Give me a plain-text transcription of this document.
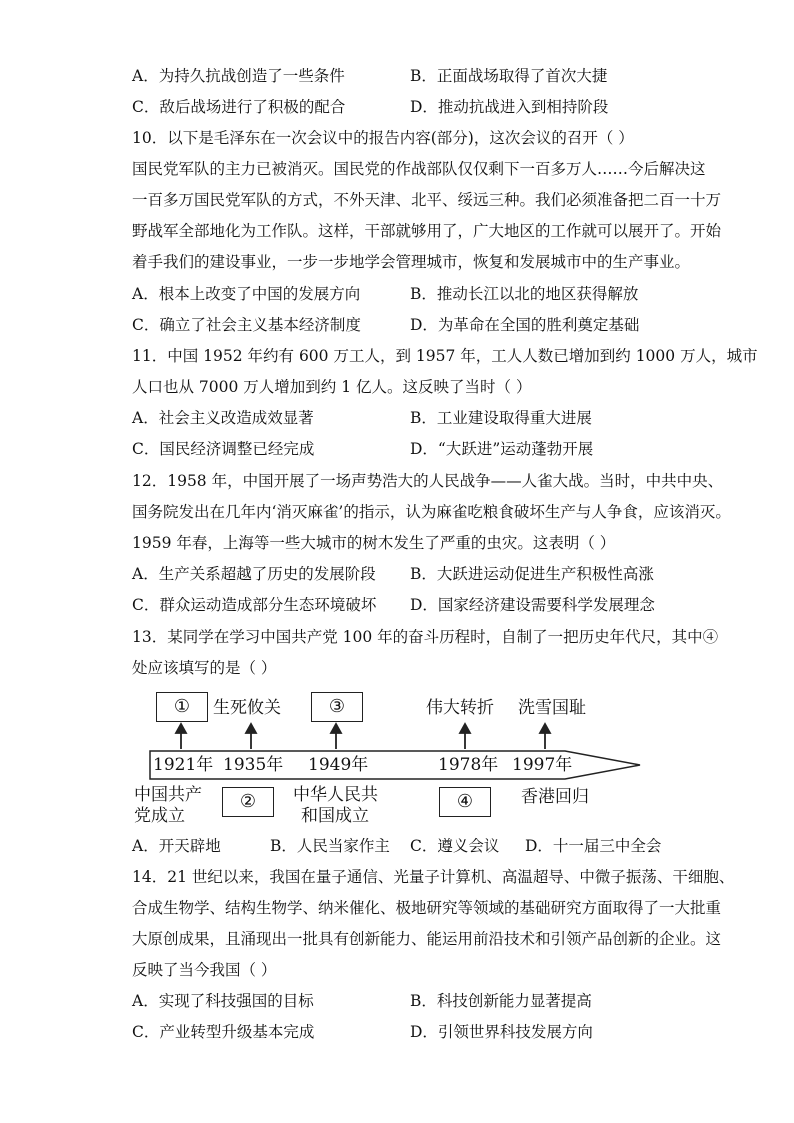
A．为持久抗战创造了一些条件	B．正面战场取得了首次大捷
C．敌后战场进行了积极的配合	D．推动抗战进入到相持阶段
10．以下是毛泽东在一次会议中的报告内容(部分)，这次会议的召开（ ）
国民党军队的主力已被消灭。国民党的作战部队仅仅剩下一百多万人……今后解决这
一百多万国民党军队的方式，不外天津、北平、绥远三种。我们必须准备把二百一十万
野战军全部地化为工作队。这样，干部就够用了，广大地区的工作就可以展开了。开始
着手我们的建设事业，一步一步地学会管理城市，恢复和发展城市中的生产事业。
A．根本上改变了中国的发展方向	B．推动长江以北的地区获得解放
C．确立了社会主义基本经济制度	D．为革命在全国的胜利奠定基础
11．中国 1952 年约有 600 万工人，到 1957 年，工人人数已增加到约 1000 万人，城市
人口也从 7000 万人增加到约 1 亿人。这反映了当时（ ）
A．社会主义改造成效显著	B．工业建设取得重大进展
C．国民经济调整已经完成	D．“大跃进”运动蓬勃开展
12．1958 年，中国开展了一场声势浩大的人民战争——人雀大战。当时，中共中央、
国务院发出在几年内‘消灭麻雀’的指示，认为麻雀吃粮食破坏生产与人争食，应该消灭。
1959 年春，上海等一些大城市的树木发生了严重的虫灾。这表明（ ）
A．生产关系超越了历史的发展阶段 B．大跃进运动促进生产积极性高涨
C．群众运动造成部分生态环境破坏 D．国家经济建设需要科学发展理念
13．某同学在学习中国共产党 100 年的奋斗历程时，自制了一把历史年代尺，其中④
处应该填写的是（ ）
①	生死攸关	③	伟大转折 洗雪国耻
1921年 1935年 1949年	1978年 1997年
中国共产
党成立
②	中华人民共
和国成立
④	香港回归
A．开天辟地	B．人民当家作主 C．遵义会议 D．十一届三中全会
14．21 世纪以来，我国在量子通信、光量子计算机、高温超导、中微子振荡、干细胞、
合成生物学、结构生物学、纳米催化、极地研究等领域的基础研究方面取得了一大批重
大原创成果，且涌现出一批具有创新能力、能运用前沿技术和引领产品创新的企业。这
反映了当今我国（ ）
A．实现了科技强国的目标	B．科技创新能力显著提高
C．产业转型升级基本完成	D．引领世界科技发展方向
